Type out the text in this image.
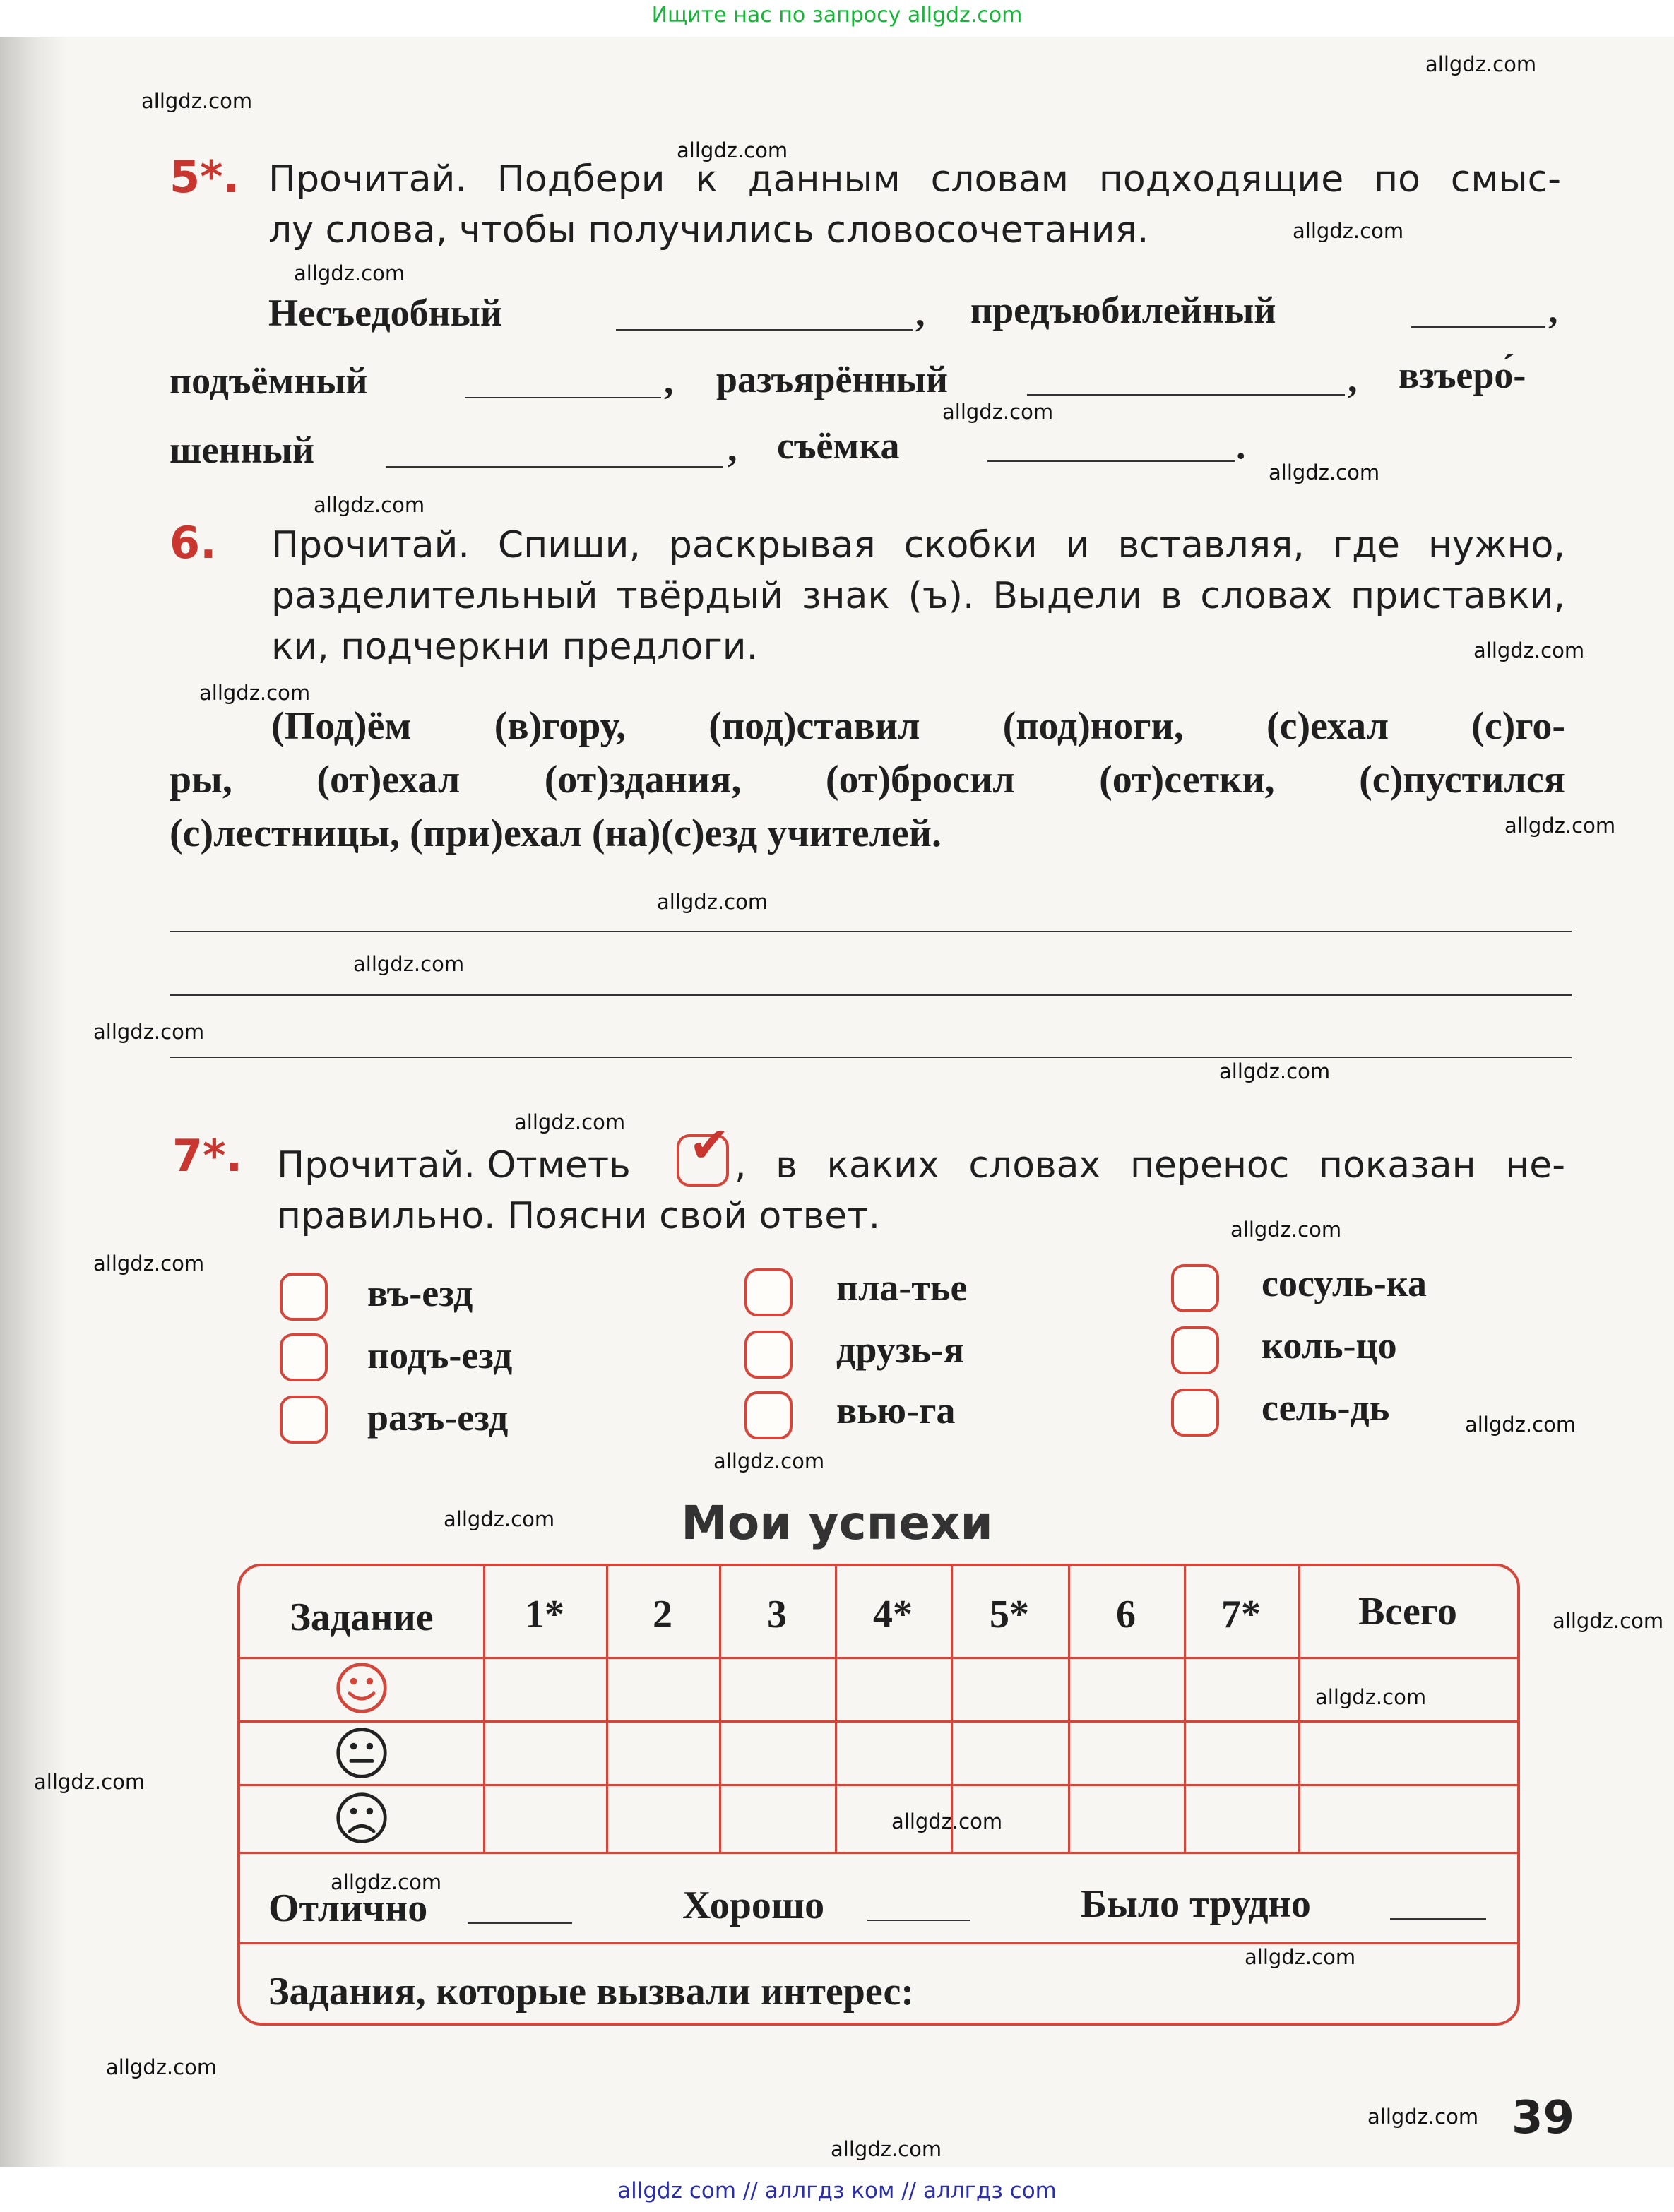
Ищите нас по запросу allgdz.com
allgdz.com
allgdz.com
allgdz.com
allgdz.com
allgdz.com
allgdz.com
allgdz.com
allgdz.com
allgdz.com
allgdz.com
allgdz.com
allgdz.com
allgdz.com
allgdz.com
allgdz.com
allgdz.com
allgdz.com
allgdz.com
allgdz.com
allgdz.com
allgdz.com
allgdz.com
allgdz.com
allgdz.com
allgdz.com
allgdz.com
allgdz.com
allgdz.com
allgdz.com
allgdz.com
5*. Прочитай. Подбери к данным словам подходящие по смыс-
лу слова, чтобы получились словосочетания.
Несъедобный	, предъюбилейный	,
подъёмный	, разъярённый	, взъеро́-
шенный	, съёмка	.
6. Прочитай. Спиши, раскрывая скобки и вставляя, где нужно,
разделительный твёрдый знак (ъ). Выдели в словах приставки,
ки, подчеркни предлоги.
(Под)ём (в)гору, (под)ставил (под)ноги, (с)ехал (с)го-
ры, (от)ехал (от)здания, (от)бросил (от)сетки, (с)пустился
(с)лестницы, (при)ехал (на)(с)езд учителей.
7*. Прочитай. Отметь	✔ , в каких словах перенос показан не-
правильно. Поясни свой ответ.
въ-езд
подъ-езд
разъ-езд
пла-тье
друзь-я
вью-га
сосуль-ка
коль-цо
сель-дь
Мои успехи
Задание	1*	2	3	4*	5*	6	7*	Всего
Отлично	Хорошо	Было трудно
Задания, которые вызвали интерес:
39
allgdz com // аллгдз ком // аллгдз com
